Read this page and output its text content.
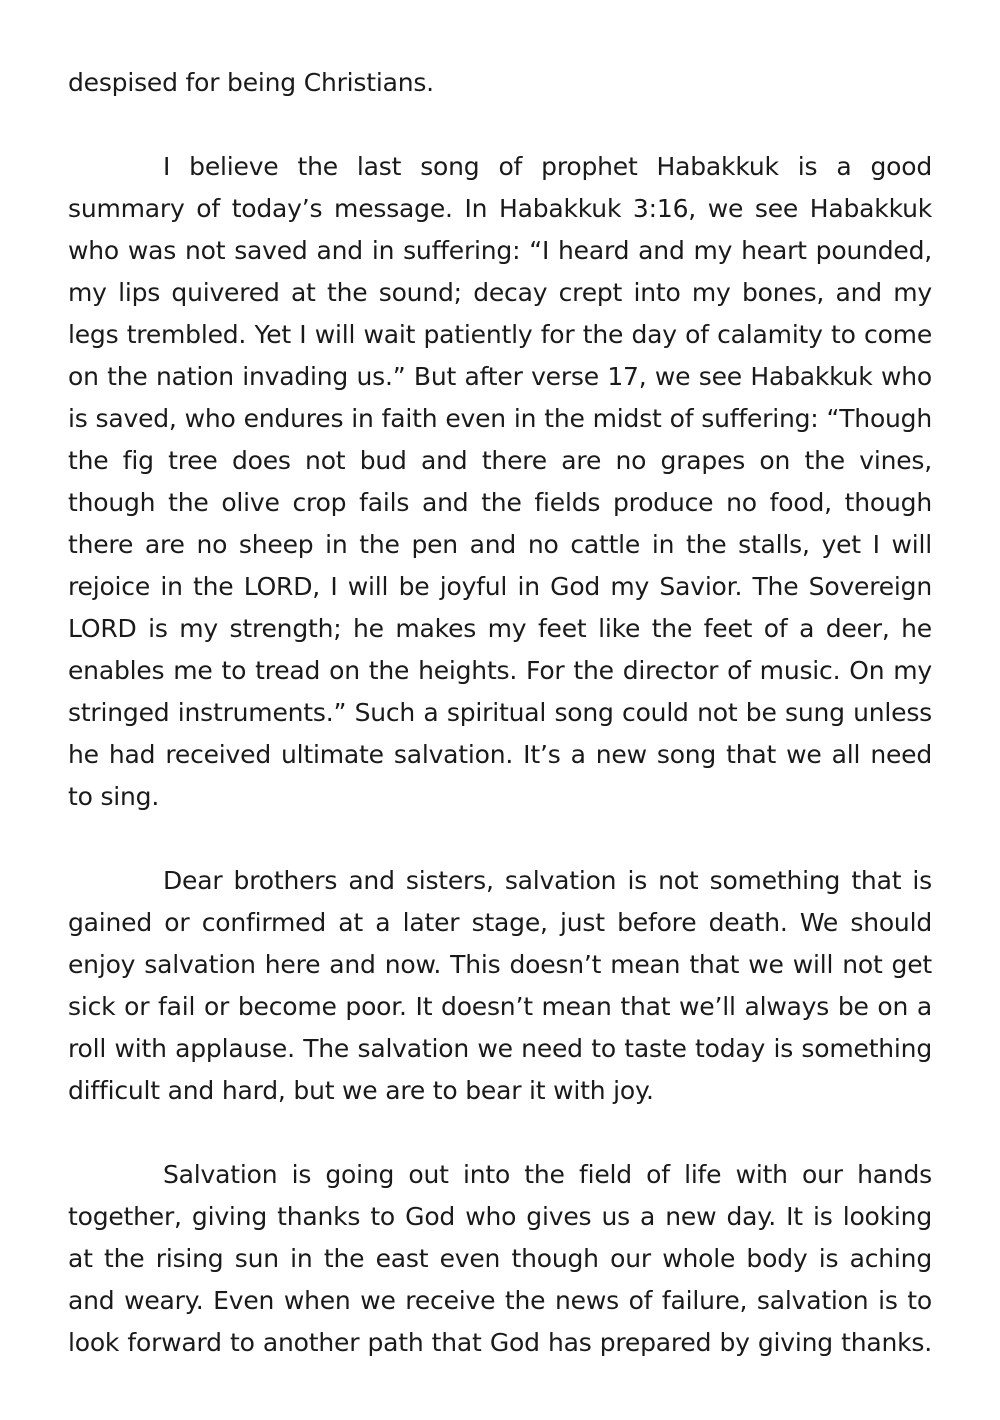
despised for being Christians.

I believe the last song of prophet Habakkuk is a good summary of today’s message. In Habakkuk 3:16, we see Habakkuk who was not saved and in suffering: “I heard and my heart pounded, my lips quivered at the sound; decay crept into my bones, and my legs trembled. Yet I will wait patiently for the day of calamity to come on the nation invading us.” But after verse 17, we see Habakkuk who is saved, who endures in faith even in the midst of suffering: “Though the fig tree does not bud and there are no grapes on the vines, though the olive crop fails and the fields produce no food, though there are no sheep in the pen and no cattle in the stalls, yet I will rejoice in the LORD, I will be joyful in God my Savior. The Sovereign LORD is my strength; he makes my feet like the feet of a deer, he enables me to tread on the heights. For the director of music. On my stringed instruments.” Such a spiritual song could not be sung unless he had received ultimate salvation. It’s a new song that we all need to sing.

Dear brothers and sisters, salvation is not something that is gained or confirmed at a later stage, just before death. We should enjoy salvation here and now. This doesn’t mean that we will not get sick or fail or become poor. It doesn’t mean that we’ll always be on a roll with applause. The salvation we need to taste today is something difficult and hard, but we are to bear it with joy.

Salvation is going out into the field of life with our hands together, giving thanks to God who gives us a new day. It is looking at the rising sun in the east even though our whole body is aching and weary. Even when we receive the news of failure, salvation is to look forward to another path that God has prepared by giving thanks.
